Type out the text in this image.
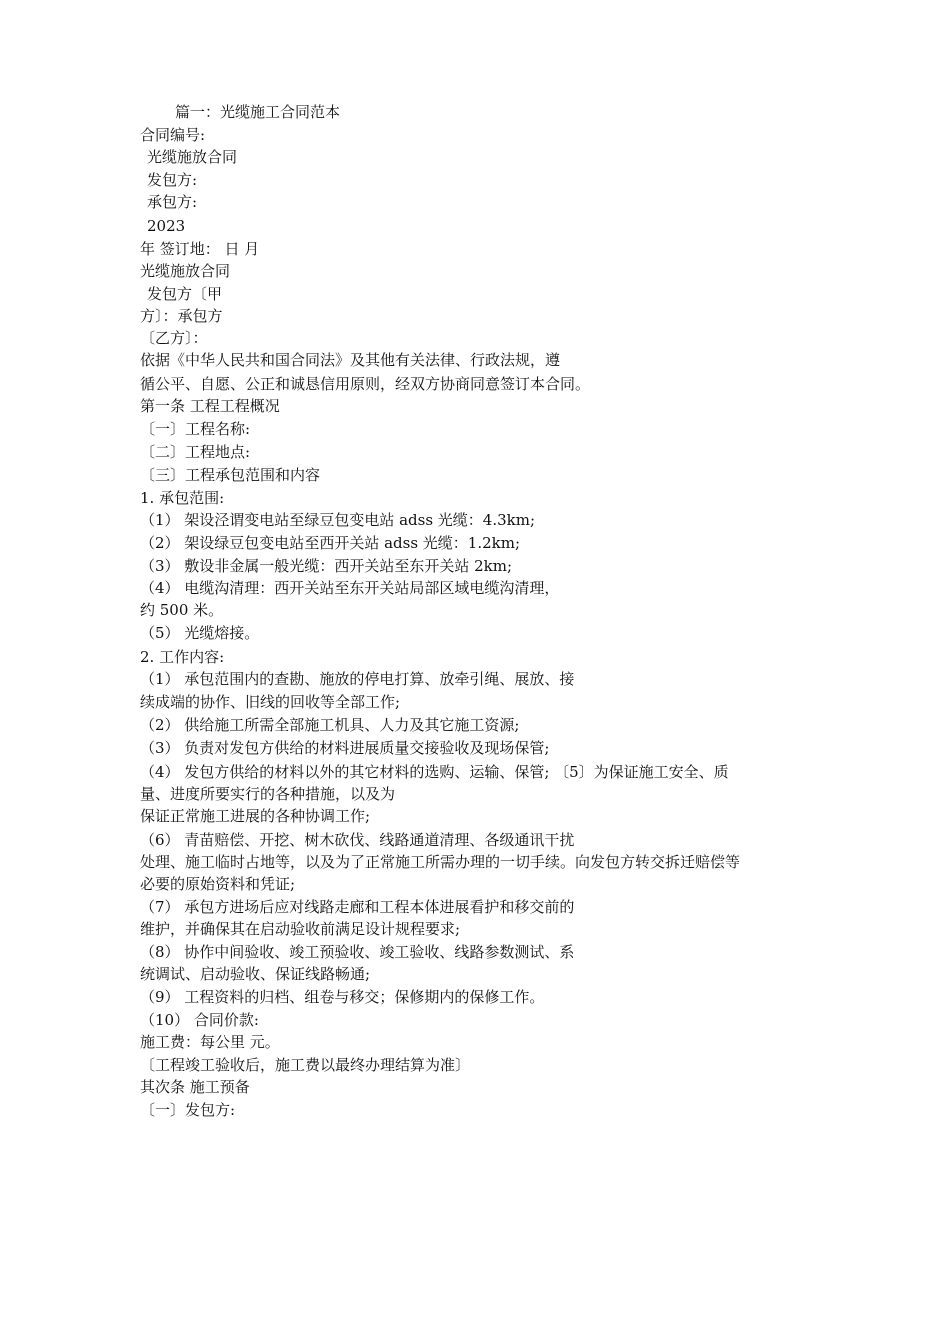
篇一：光缆施工合同范本
合同编号:
光缆施放合同
发包方:
承包方:
2023
年 签订地： 日 月
光缆施放合同
发包方〔甲
方〕：承包方
〔乙方〕：
依据《中华人民共和国合同法》及其他有关法律、行政法规，遵
循公平、自愿、公正和诚恳信用原则，经双方协商同意签订本合同。
第一条 工程工程概况
〔一〕工程名称:
〔二〕工程地点:
〔三〕工程承包范围和内容
1. 承包范围:
（1） 架设泾谓变电站至绿豆包变电站 adss 光缆：4.3km;
（2） 架设绿豆包变电站至西开关站 adss 光缆：1.2km;
（3） 敷设非金属一般光缆：西开关站至东开关站 2km;
（4） 电缆沟清理：西开关站至东开关站局部区域电缆沟清理，
约 500 米。
（5） 光缆熔接。
2. 工作内容:
（1） 承包范围内的查勘、施放的停电打算、放牵引绳、展放、接
续成端的协作、旧线的回收等全部工作;
（2） 供给施工所需全部施工机具、人力及其它施工资源;
（3） 负责对发包方供给的材料进展质量交接验收及现场保管;
（4） 发包方供给的材料以外的其它材料的选购、运输、保管; 〔5〕为保证施工安全、质
量、进度所要实行的各种措施，以及为
保证正常施工进展的各种协调工作;
（6） 青苗赔偿、开挖、树木砍伐、线路通道清理、各级通讯干扰
处理、施工临时占地等，以及为了正常施工所需办理的一切手续。向发包方转交拆迁赔偿等
必要的原始资料和凭证;
（7） 承包方进场后应对线路走廊和工程本体进展看护和移交前的
维护，并确保其在启动验收前满足设计规程要求;
（8） 协作中间验收、竣工预验收、竣工验收、线路参数测试、系
统调试、启动验收、保证线路畅通;
（9） 工程资料的归档、组卷与移交；保修期内的保修工作。
（10） 合同价款:
施工费：每公里 元。
〔工程竣工验收后，施工费以最终办理结算为准〕
其次条 施工预备
〔一〕发包方:
